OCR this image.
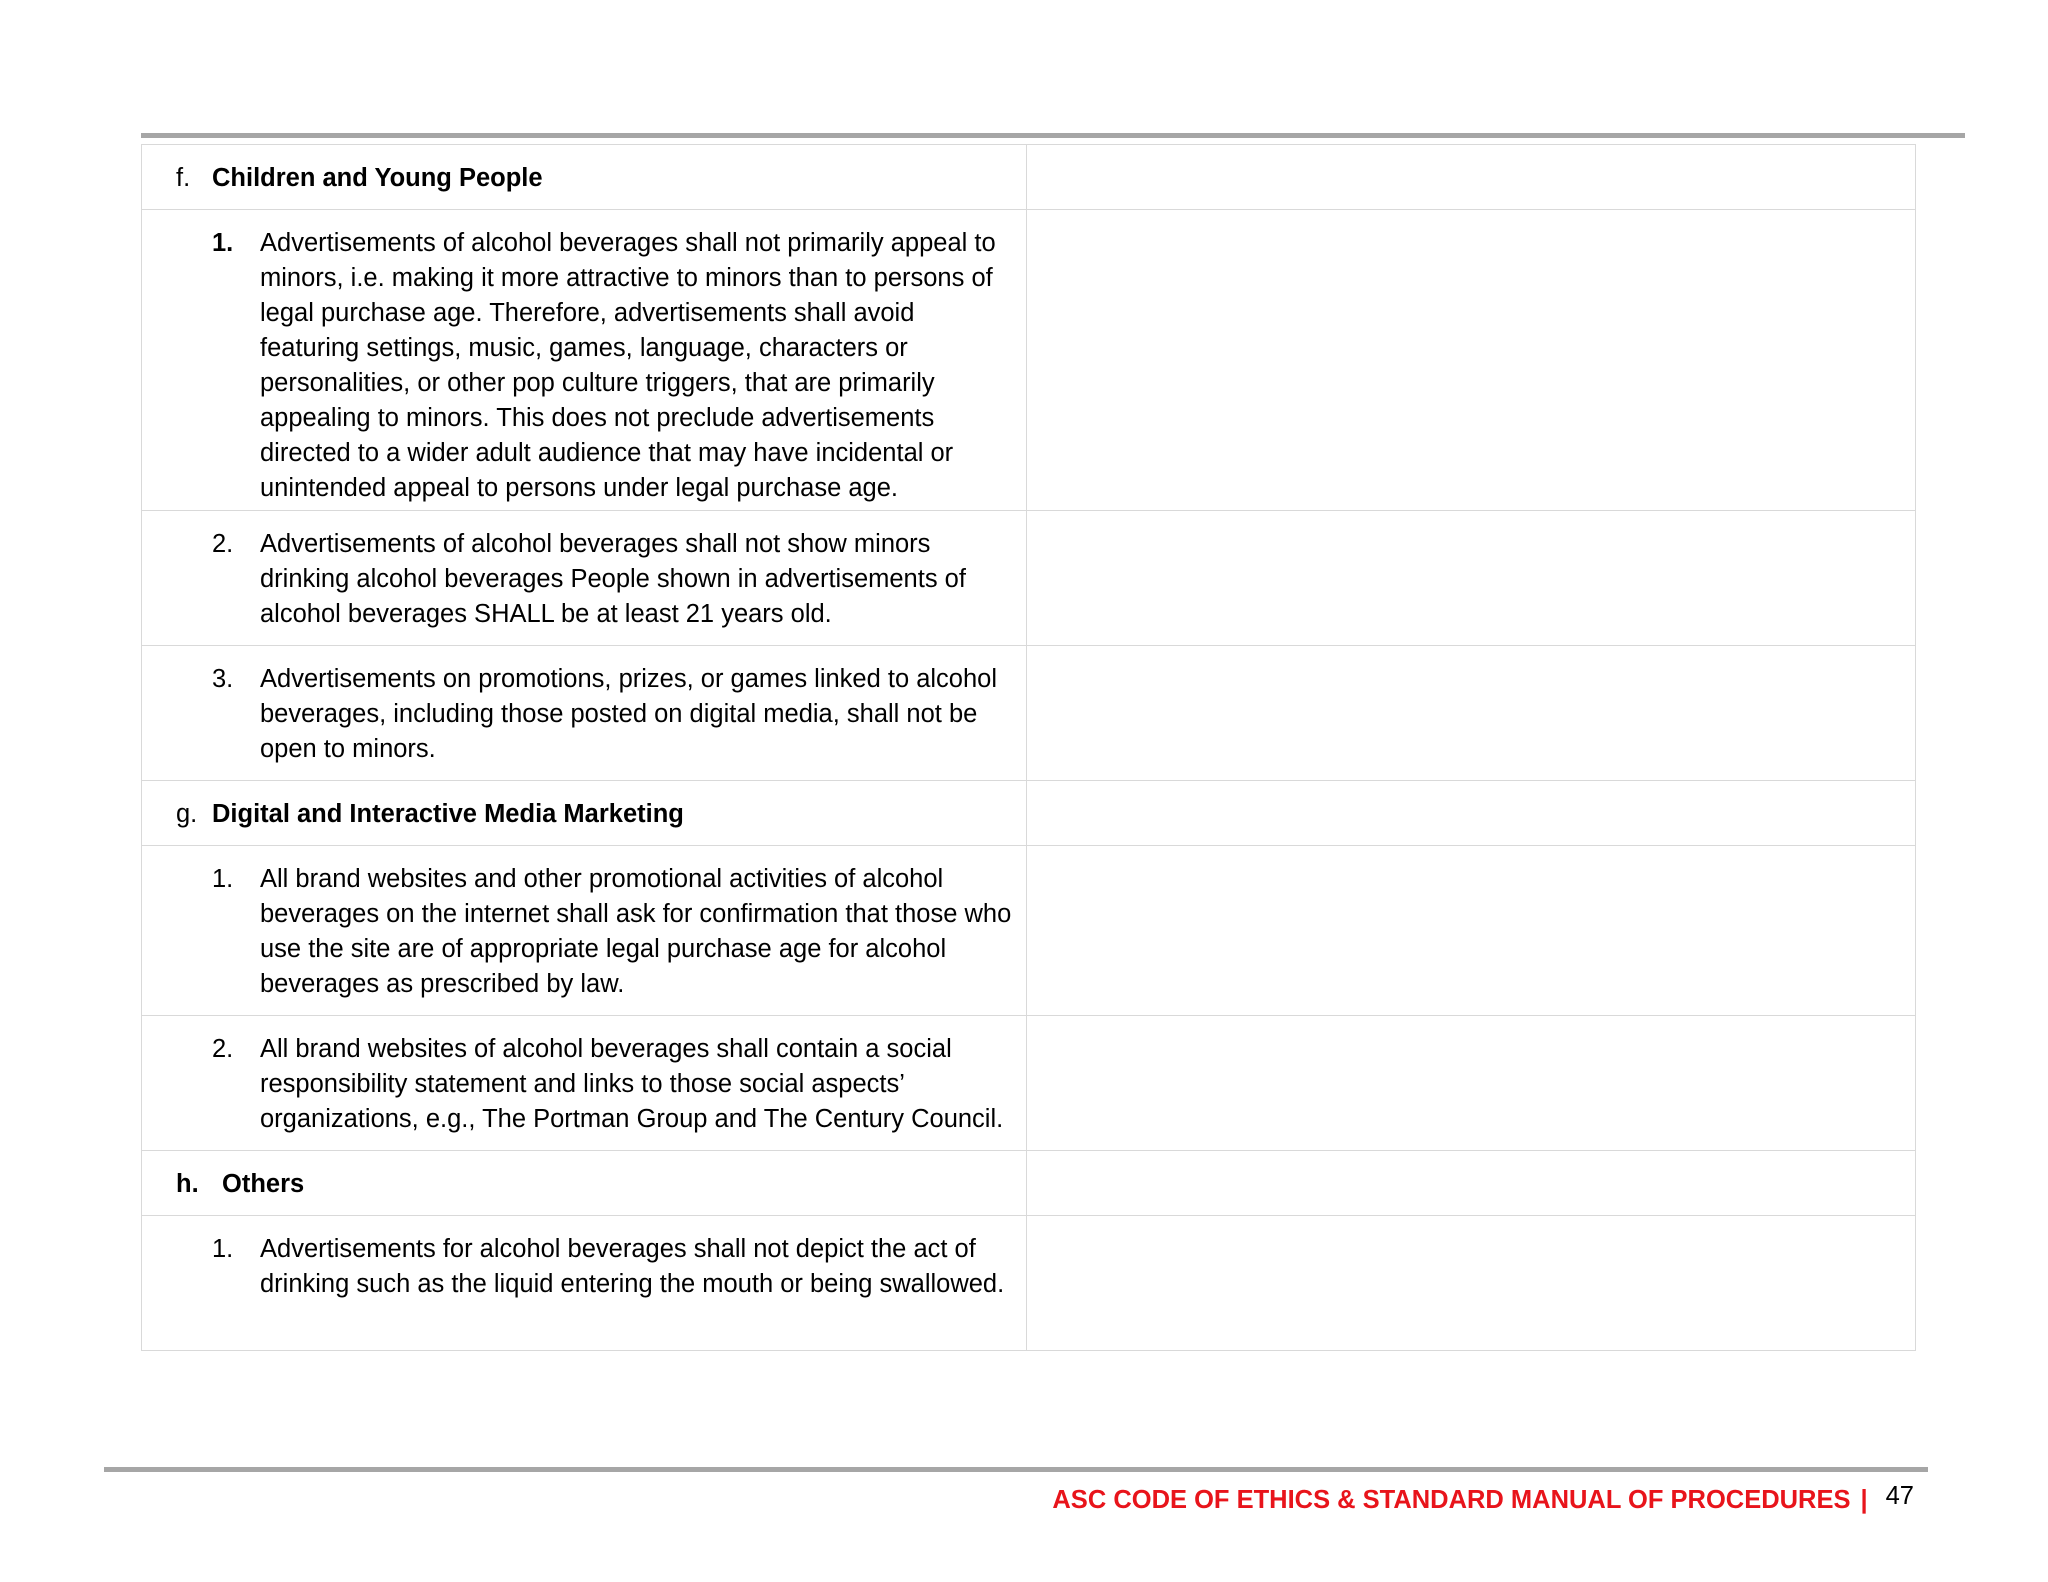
f. Children and Young People	

1. Advertisements of alcohol beverages shall not primarily appeal to minors, i.e. making it more attractive to minors than to persons of legal purchase age. Therefore, advertisements shall avoid featuring settings, music, games, language, characters or personalities, or other pop culture triggers, that are primarily appealing to minors. This does not preclude advertisements directed to a wider adult audience that may have incidental or unintended appeal to persons under legal purchase age.	

2. Advertisements of alcohol beverages shall not show minors drinking alcohol beverages People shown in advertisements of alcohol beverages SHALL be at least 21 years old.	

3. Advertisements on promotions, prizes, or games linked to alcohol beverages, including those posted on digital media, shall not be open to minors.	

g. Digital and Interactive Media Marketing	

1. All brand websites and other promotional activities of alcohol beverages on the internet shall ask for confirmation that those who use the site are of appropriate legal purchase age for alcohol beverages as prescribed by law.	

2. All brand websites of alcohol beverages shall contain a social responsibility statement and links to those social aspects’ organizations, e.g., The Portman Group and The Century Council.	

h. Others	

1. Advertisements for alcohol beverages shall not depict the act of drinking such as the liquid entering the mouth or being swallowed.	

ASC CODE OF ETHICS & STANDARD MANUAL OF PROCEDURES | 47
